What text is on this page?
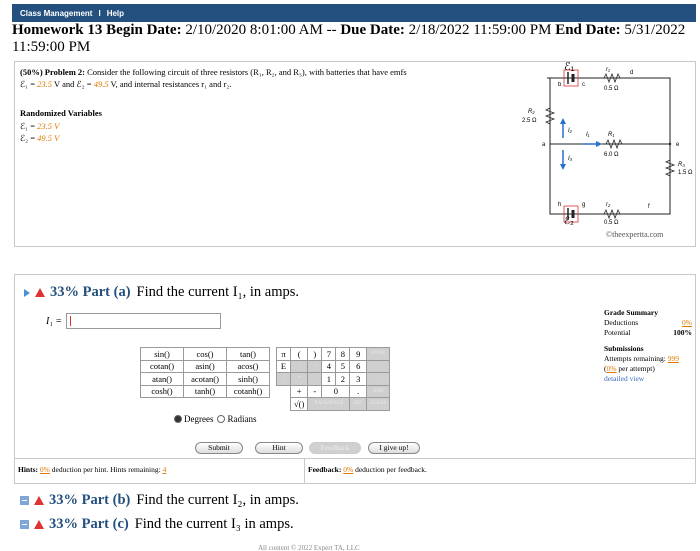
Class Management I Help
Homework 13 Begin Date: 2/10/2020 8:01:00 AM -- Due Date: 2/18/2022 11:59:00 PM End Date: 5/31/2022 11:59:00 PM
(50%) Problem 2: Consider the following circuit of three resistors (R₁, R₂, and R₃), with batteries that have emfs
ℰ₁ = 23.5 V and ℰ₂ = 49.5 V, and internal resistances r₁ and r₂.
Randomized Variables
ℰ₁ = 23.5 V
ℰ₂ = 49.5 V
ℰ₁
b	c
d
r₁
0.5 Ω
R₂
2.5 Ω
a	e
I₂
I₃
I₁	R₁
6.0 Ω
R₃
1.5 Ω
h	g	f
r₂
0.5 Ω
ℰ₂
©theexpertta.com
33% Part (a) Find the current I₁, in amps.
I₁ =
Grade Summary
Deductions	0%
Potential	100%
Submissions
Attempts remaining: 999
(0% per attempt)
detailed view
sin()	cos()	tan()		π	(	)	7	8	9	HOME
cotan()	asin()	acos()		E	↑	^	4	5	6	←
atan()	acotan()	sinh()		/	*		1	2	3	→
cosh()	tanh()	cotanh()			+	-	0		.	END
					√()	BACKSPACE			DEL	CLEAR
Degrees Radians
Submit	Hint	Feedback	I give up!
Hints: 0% deduction per hint. Hints remaining: 4	Feedback: 0% deduction per feedback.
33% Part (b) Find the current I₂, in amps.
33% Part (c) Find the current I₃ in amps.
All content © 2022 Expert TA, LLC
